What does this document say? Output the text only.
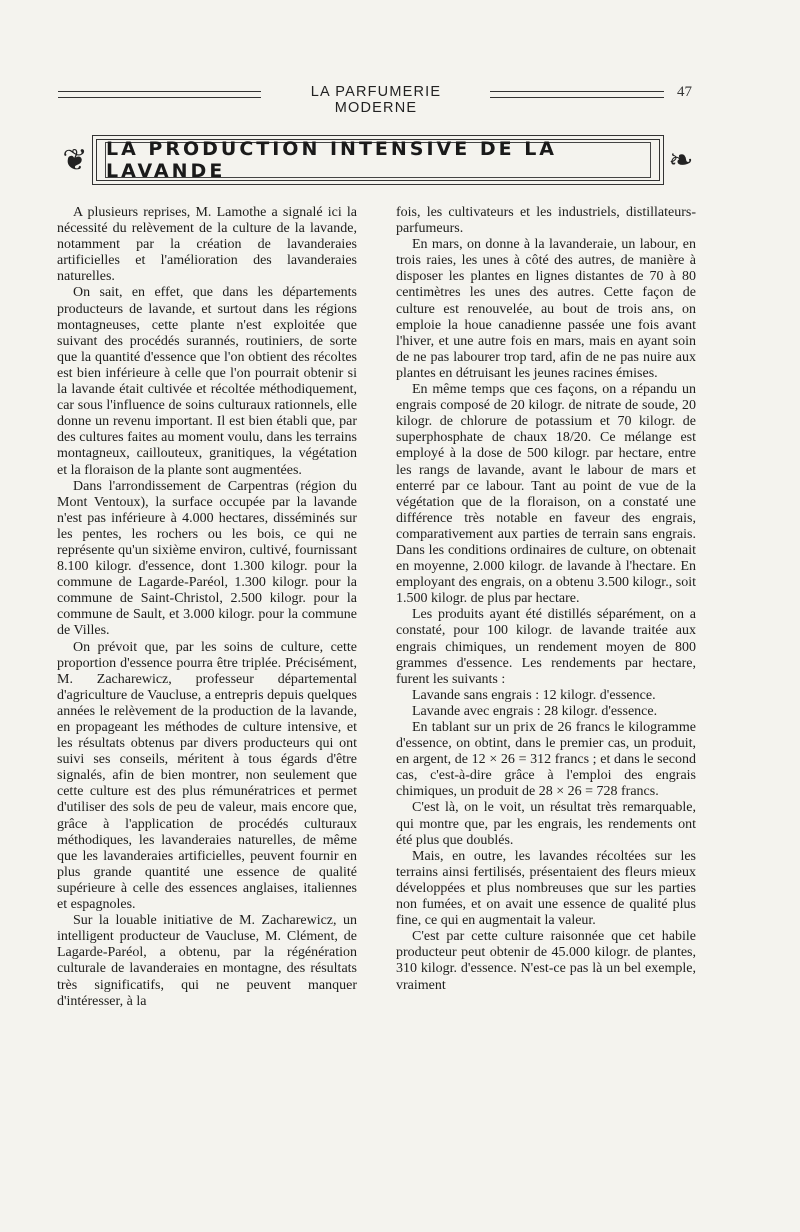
LA PARFUMERIE MODERNE
47
❦ LA PRODUCTION INTENSIVE DE LA LAVANDE	❧

A plusieurs reprises, M. Lamothe a signalé ici la nécessité du relèvement de la culture de la lavande, notamment par la création de lavanderaies artificielles et l'amélioration des lavanderaies naturelles.

On sait, en effet, que dans les départements producteurs de lavande, et surtout dans les régions montagneuses, cette plante n'est exploitée que suivant des procédés surannés, routiniers, de sorte que la quantité d'essence que l'on obtient des récoltes est bien inférieure à celle que l'on pourrait obtenir si la lavande était cultivée et récoltée méthodiquement, car sous l'influence de soins culturaux rationnels, elle donne un revenu important. Il est bien établi que, par des cultures faites au moment voulu, dans les terrains montagneux, caillouteux, granitiques, la végétation et la floraison de la plante sont augmentées.

Dans l'arrondissement de Carpentras (région du Mont Ventoux), la surface occupée par la lavande n'est pas inférieure à 4.000 hectares, disséminés sur les pentes, les rochers ou les bois, ce qui ne représente qu'un sixième environ, cultivé, fournissant 8.100 kilogr. d'essence, dont 1.300 kilogr. pour la commune de Lagarde-Paréol, 1.300 kilogr. pour la commune de Saint-Christol, 2.500 kilogr. pour la commune de Sault, et 3.000 kilogr. pour la commune de Villes.

On prévoit que, par les soins de culture, cette proportion d'essence pourra être triplée. Précisément, M. Zacharewicz, professeur départemental d'agriculture de Vaucluse, a entrepris depuis quelques années le relèvement de la production de la lavande, en propageant les méthodes de culture intensive, et les résultats obtenus par divers producteurs qui ont suivi ses conseils, méritent à tous égards d'être signalés, afin de bien montrer, non seulement que cette culture est des plus rémunératrices et permet d'utiliser des sols de peu de valeur, mais encore que, grâce à l'application de procédés culturaux méthodiques, les lavanderaies naturelles, de même que les lavanderaies artificielles, peuvent fournir en plus grande quantité une essence de qualité supérieure à celle des essences anglaises, italiennes et espagnoles.

Sur la louable initiative de M. Zacharewicz, un intelligent producteur de Vaucluse, M. Clément, de Lagarde-Paréol, a obtenu, par la régénération culturale de lavanderaies en montagne, des résultats très significatifs, qui ne peuvent manquer d'intéresser, à la

fois, les cultivateurs et les industriels, distillateurs-parfumeurs.

En mars, on donne à la lavanderaie, un labour, en trois raies, les unes à côté des autres, de manière à disposer les plantes en lignes distantes de 70 à 80 centimètres les unes des autres. Cette façon de culture est renouvelée, au bout de trois ans, on emploie la houe canadienne passée une fois avant l'hiver, et une autre fois en mars, mais en ayant soin de ne pas labourer trop tard, afin de ne pas nuire aux plantes en détruisant les jeunes racines émises.

En même temps que ces façons, on a répandu un engrais composé de 20 kilogr. de nitrate de soude, 20 kilogr. de chlorure de potassium et 70 kilogr. de superphosphate de chaux 18/20. Ce mélange est employé à la dose de 500 kilogr. par hectare, entre les rangs de lavande, avant le labour de mars et enterré par ce labour. Tant au point de vue de la végétation que de la floraison, on a constaté une différence très notable en faveur des engrais, comparativement aux parties de terrain sans engrais. Dans les conditions ordinaires de culture, on obtenait en moyenne, 2.000 kilogr. de lavande à l'hectare. En employant des engrais, on a obtenu 3.500 kilogr., soit 1.500 kilogr. de plus par hectare.

Les produits ayant été distillés séparément, on a constaté, pour 100 kilogr. de lavande traitée aux engrais chimiques, un rendement moyen de 800 grammes d'essence. Les rendements par hectare, furent les suivants :

Lavande sans engrais : 12 kilogr. d'essence.

Lavande avec engrais : 28 kilogr. d'essence.

En tablant sur un prix de 26 francs le kilogramme d'essence, on obtint, dans le premier cas, un produit, en argent, de 12 × 26 = 312 francs ; et dans le second cas, c'est-à-dire grâce à l'emploi des engrais chimiques, un produit de 28 × 26 = 728 francs.

C'est là, on le voit, un résultat très remarquable, qui montre que, par les engrais, les rendements ont été plus que doublés.

Mais, en outre, les lavandes récoltées sur les terrains ainsi fertilisés, présentaient des fleurs mieux développées et plus nombreuses que sur les parties non fumées, et on avait une essence de qualité plus fine, ce qui en augmentait la valeur.

C'est par cette culture raisonnée que cet habile producteur peut obtenir de 45.000 kilogr. de plantes, 310 kilogr. d'essence. N'est-ce pas là un bel exemple, vraiment
